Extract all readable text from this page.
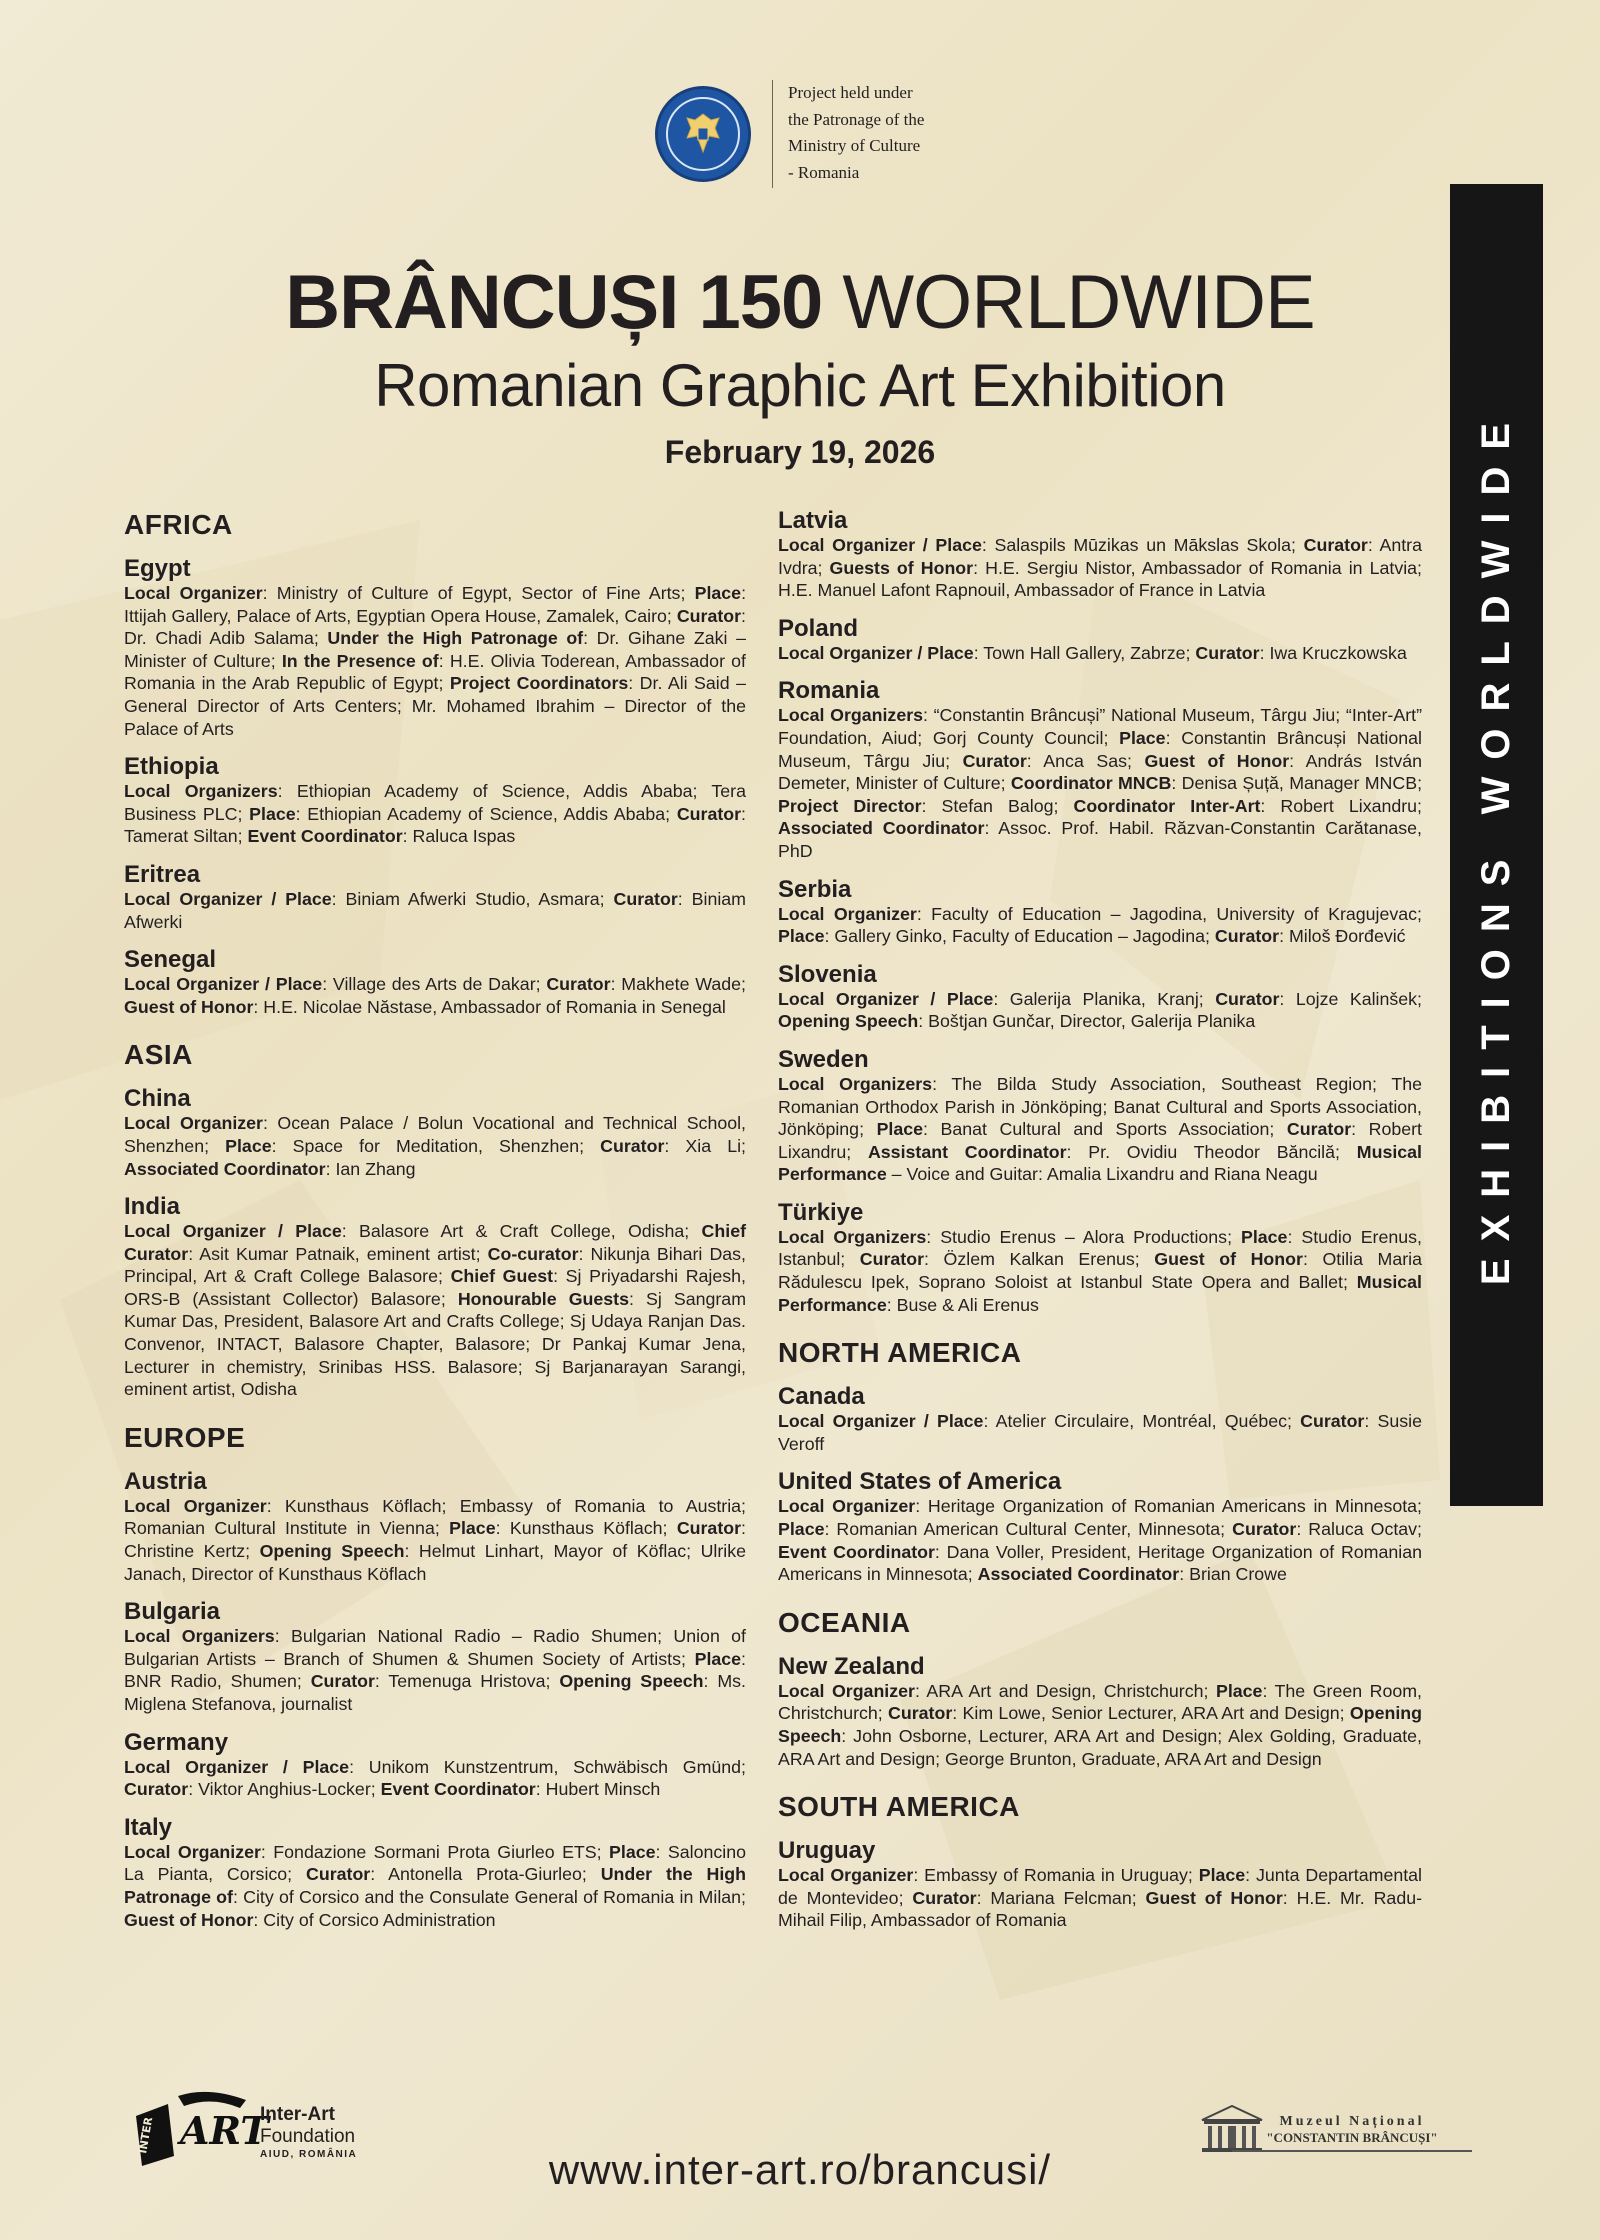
Project held under
the Patronage of the
Ministry of Culture
- Romania
BRÂNCUȘI 150 WORLDWIDE
Romanian Graphic Art Exhibition
February 19, 2026	EXHIBITIONS WORLDWIDE
AFRICA
Egypt
Local Organizer: Ministry of Culture of Egypt, Sector of Fine Arts; Place: Ittijah Gallery, Palace of Arts, Egyptian Opera House, Zamalek, Cairo; Curator: Dr. Chadi Adib Salama; Under the High Patronage of: Dr. Gihane Zaki – Minister of Culture; In the Presence of: H.E. Olivia Toderean, Ambassador of Romania in the Arab Republic of Egypt; Project Coordinators: Dr. Ali Said – General Director of Arts Centers; Mr. Mohamed Ibrahim – Director of the Palace of Arts
Ethiopia
Local Organizers: Ethiopian Academy of Science, Addis Ababa; Tera Business PLC; Place: Ethiopian Academy of Science, Addis Ababa; Curator: Tamerat Siltan; Event Coordinator: Raluca Ispas
Eritrea
Local Organizer / Place: Biniam Afwerki Studio, Asmara; Curator: Biniam Afwerki
Senegal
Local Organizer / Place: Village des Arts de Dakar; Curator: Makhete Wade; Guest of Honor: H.E. Nicolae Năstase, Ambassador of Romania in Senegal
ASIA
China
Local Organizer: Ocean Palace / Bolun Vocational and Technical School, Shenzhen; Place: Space for Meditation, Shenzhen; Curator: Xia Li; Associated Coordinator: Ian Zhang
India
Local Organizer / Place: Balasore Art & Craft College, Odisha; Chief Curator: Asit Kumar Patnaik, eminent artist; Co-curator: Nikunja Bihari Das, Principal, Art & Craft College Balasore; Chief Guest: Sj Priyadarshi Rajesh, ORS-B (Assistant Collector) Balasore; Honourable Guests: Sj Sangram Kumar Das, President, Balasore Art and Crafts College; Sj Udaya Ranjan Das. Convenor, INTACT, Balasore Chapter, Balasore; Dr Pankaj Kumar Jena, Lecturer in chemistry, Srinibas HSS. Balasore; Sj Barjanarayan Sarangi, eminent artist, Odisha
EUROPE
Austria
Local Organizer: Kunsthaus Köflach; Embassy of Romania to Austria; Romanian Cultural Institute in Vienna; Place: Kunsthaus Köflach; Curator: Christine Kertz; Opening Speech: Helmut Linhart, Mayor of Köflac; Ulrike Janach, Director of Kunsthaus Köflach
Bulgaria
Local Organizers: Bulgarian National Radio – Radio Shumen; Union of Bulgarian Artists – Branch of Shumen & Shumen Society of Artists; Place: BNR Radio, Shumen; Curator: Temenuga Hristova; Opening Speech: Ms. Miglena Stefanova, journalist
Germany
Local Organizer / Place: Unikom Kunstzentrum, Schwäbisch Gmünd; Curator: Viktor Anghius-Locker; Event Coordinator: Hubert Minsch
Italy
Local Organizer: Fondazione Sormani Prota Giurleo ETS; Place: Saloncino La Pianta, Corsico; Curator: Antonella Prota-Giurleo; Under the High Patronage of: City of Corsico and the Consulate General of Romania in Milan; Guest of Honor: City of Corsico Administration
Latvia
Local Organizer / Place: Salaspils Mūzikas un Mākslas Skola; Curator: Antra Ivdra; Guests of Honor: H.E. Sergiu Nistor, Ambassador of Romania in Latvia; H.E. Manuel Lafont Rapnouil, Ambassador of France in Latvia
Poland
Local Organizer / Place: Town Hall Gallery, Zabrze; Curator: Iwa Kruczkowska
Romania
Local Organizers: “Constantin Brâncuși” National Museum, Târgu Jiu; “Inter-Art” Foundation, Aiud; Gorj County Council; Place: Constantin Brâncuși National Museum, Târgu Jiu; Curator: Anca Sas; Guest of Honor: András István Demeter, Minister of Culture; Coordinator MNCB: Denisa Șuță, Manager MNCB; Project Director: Stefan Balog; Coordinator Inter-Art: Robert Lixandru; Associated Coordinator: Assoc. Prof. Habil. Răzvan-Constantin Carătanase, PhD
Serbia
Local Organizer: Faculty of Education – Jagodina, University of Kragujevac; Place: Gallery Ginko, Faculty of Education – Jagodina; Curator: Miloš Đorđević
Slovenia
Local Organizer / Place: Galerija Planika, Kranj; Curator: Lojze Kalinšek; Opening Speech: Boštjan Gunčar, Director, Galerija Planika
Sweden
Local Organizers: The Bilda Study Association, Southeast Region; The Romanian Orthodox Parish in Jönköping; Banat Cultural and Sports Association, Jönköping; Place: Banat Cultural and Sports Association; Curator: Robert Lixandru; Assistant Coordinator: Pr. Ovidiu Theodor Băncilă; Musical Performance – Voice and Guitar: Amalia Lixandru and Riana Neagu
Türkiye
Local Organizers: Studio Erenus – Alora Productions; Place: Studio Erenus, Istanbul; Curator: Özlem Kalkan Erenus; Guest of Honor: Otilia Maria Rădulescu Ipek, Soprano Soloist at Istanbul State Opera and Ballet; Musical Performance: Buse & Ali Erenus
NORTH AMERICA
Canada
Local Organizer / Place: Atelier Circulaire, Montréal, Québec; Curator: Susie Veroff
United States of America
Local Organizer: Heritage Organization of Romanian Americans in Minnesota; Place: Romanian American Cultural Center, Minnesota; Curator: Raluca Octav; Event Coordinator: Dana Voller, President, Heritage Organization of Romanian Americans in Minnesota; Associated Coordinator: Brian Crowe
OCEANIA
New Zealand
Local Organizer: ARA Art and Design, Christchurch; Place: The Green Room, Christchurch; Curator: Kim Lowe, Senior Lecturer, ARA Art and Design; Opening Speech: John Osborne, Lecturer, ARA Art and Design; Alex Golding, Graduate, ARA Art and Design; George Brunton, Graduate, ARA Art and Design
SOUTH AMERICA
Uruguay
Local Organizer: Embassy of Romania in Uruguay; Place: Junta Departamental de Montevideo; Curator: Mariana Felcman; Guest of Honor: H.E. Mr. Radu-Mihail Filip, Ambassador of Romania
ART
INTER
Inter-Art
Foundation
AIUD, ROMÂNIA	www.inter-art.ro/brancusi/
Muzeul Național
"CONSTANTIN BRÂNCUȘI"
